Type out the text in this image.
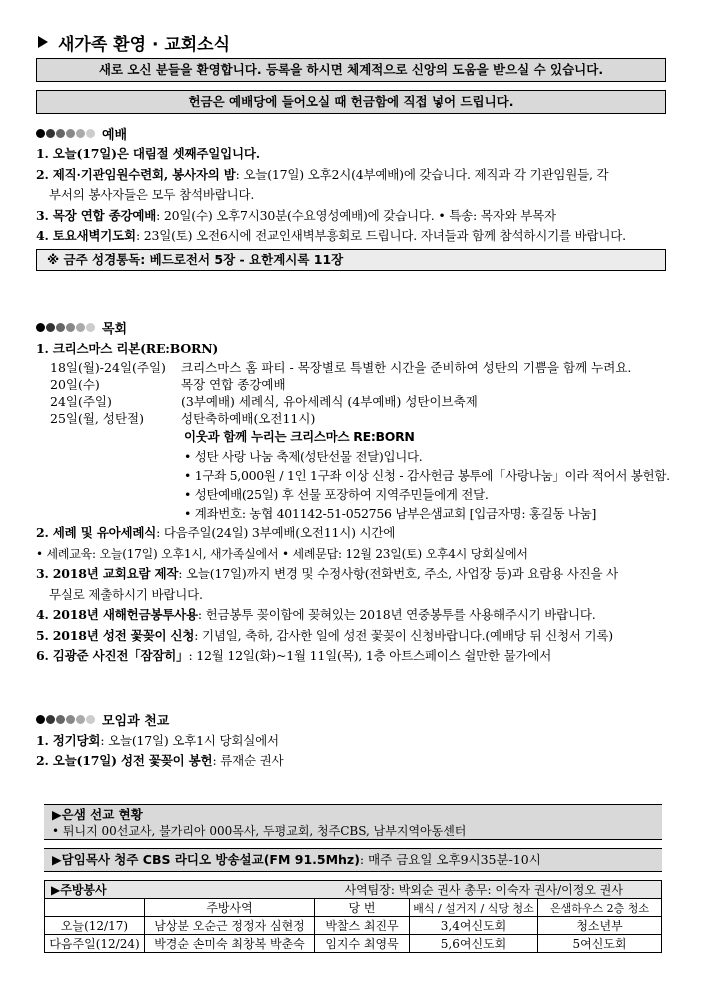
새가족 환영 · 교회소식
새로 오신 분들을 환영합니다. 등록을 하시면 체계적으로 신앙의 도움을 받으실 수 있습니다.
헌금은 예배당에 들어오실 때 헌금함에 직접 넣어 드립니다.
예배
1. 오늘(17일)은 대림절 셋째주일입니다.
2. 제직·기관임원수련회, 봉사자의 밤: 오늘(17일) 오후2시(4부예배)에 갖습니다. 제직과 각 기관임원들, 각
부서의 봉사자들은 모두 참석바랍니다.
3. 목장 연합 종강예배: 20일(수) 오후7시30분(수요영성예배)에 갖습니다. • 특송: 목자와 부목자
4. 토요새벽기도회: 23일(토) 오전6시에 전교인새벽부흥회로 드립니다. 자녀들과 함께 참석하시기를 바랍니다.
※ 금주 성경통독: 베드로전서 5장 - 요한계시록 11장
목회
1. 크리스마스 리본(RE:BORN)
18일(월)-24일(주일)	크리스마스 홈 파티 - 목장별로 특별한 시간을 준비하여 성탄의 기쁨을 함께 누려요.
20일(수)	목장 연합 종강예배
24일(주일)	(3부예배) 세례식, 유아세례식 (4부예배) 성탄이브축제
25일(월, 성탄절)	성탄축하예배(오전11시)
이웃과 함께 누리는 크리스마스 RE:BORN
• 성탄 사랑 나눔 축제(성탄선물 전달)입니다.
• 1구좌 5,000원 / 1인 1구좌 이상 신청 - 감사헌금 봉투에「사랑나눔」이라 적어서 봉헌함.
• 성탄예배(25일) 후 선물 포장하여 지역주민들에게 전달.
• 계좌번호: 농협 401142-51-052756 남부은샘교회 [입금자명: 홍길동 나눔]
2. 세례 및 유아세례식: 다음주일(24일) 3부예배(오전11시) 시간에
• 세례교육: 오늘(17일) 오후1시, 새가족실에서 • 세례문답: 12월 23일(토) 오후4시 당회실에서
3. 2018년 교회요람 제작: 오늘(17일)까지 변경 및 수정사항(전화번호, 주소, 사업장 등)과 요람용 사진을 사
무실로 제출하시기 바랍니다.
4. 2018년 새해헌금봉투사용: 헌금봉투 꽂이함에 꽂혀있는 2018년 연중봉투를 사용해주시기 바랍니다.
5. 2018년 성전 꽃꽂이 신청: 기념일, 축하, 감사한 일에 성전 꽃꽂이 신청바랍니다.(예배당 뒤 신청서 기록)
6. 김광준 사진전「잠잠히」: 12월 12일(화)~1월 11일(목), 1층 아트스페이스 쉴만한 물가에서
모임과 천교
1. 정기당회: 오늘(17일) 오후1시 당회실에서
2. 오늘(17일) 성전 꽃꽂이 봉헌: 류재순 권사
▶은샘 선교 현황
• 튀니지 00선교사, 불가리아 000목사, 두평교회, 청주CBS, 남부지역아동센터
▶담임목사 청주 CBS 라디오 방송설교(FM 91.5Mhz): 매주 금요일 오후9시35분-10시
▶주방봉사		사역팀장: 박외순 권사 총무: 이숙자 권사/이정오 권사		
	주방사역	당 번	배식 / 설거지 / 식당 청소	은샘하우스 2층 청소
오늘(12/17)	남상분 오순근 정정자 심현정	박찰스 최진무	3,4여신도회	청소년부
다음주일(12/24)	박경순 손미숙 최창복 박춘숙	임지수 최영묵	5,6여신도회	5여신도회
